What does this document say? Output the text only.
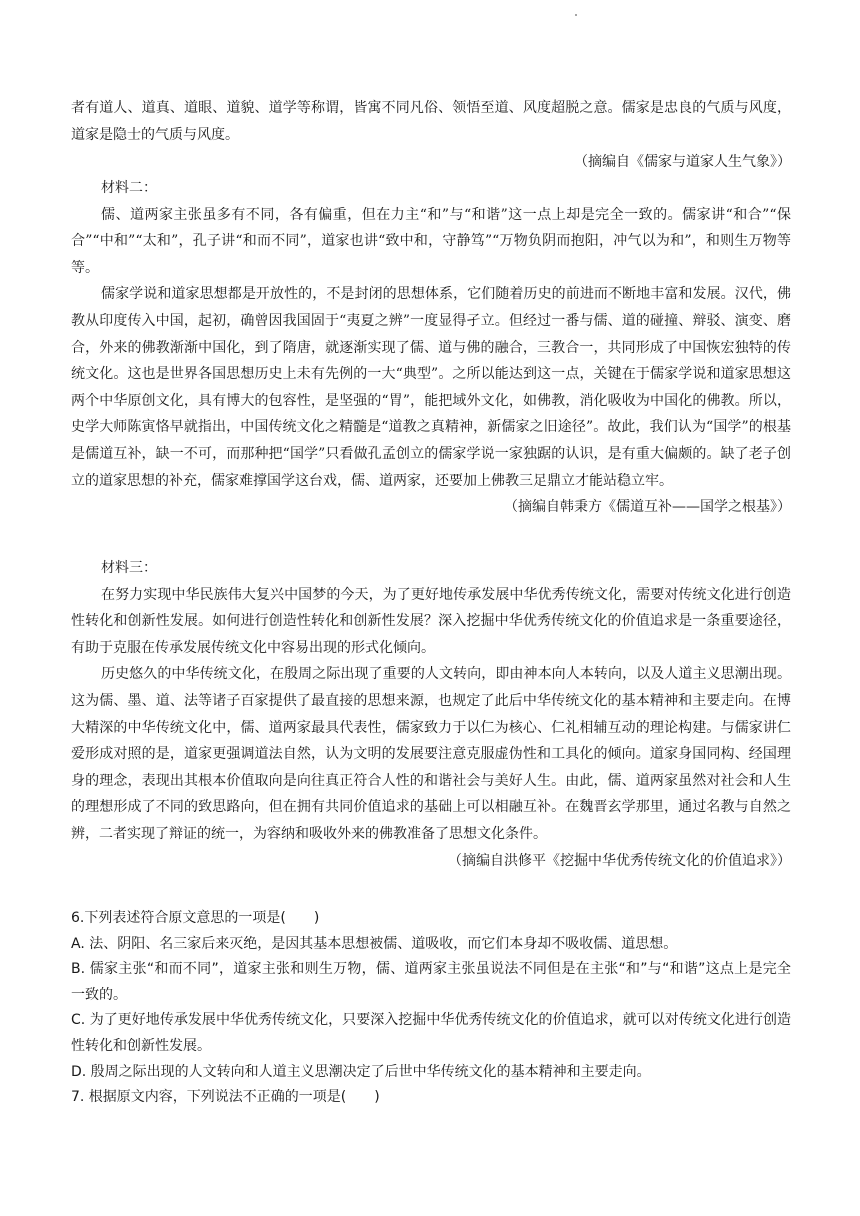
者有道人、道真、道眼、道貌、道学等称谓，皆寓不同凡俗、领悟至道、风度超脱之意。儒家是忠良的气质与风度，道家是隐士的气质与风度。

（摘编自《儒家与道家人生气象》）

材料二：

儒、道两家主张虽多有不同，各有偏重，但在力主“和”与“和谐”这一点上却是完全一致的。儒家讲“和合”“保合”“中和”“太和”，孔子讲“和而不同”，道家也讲“致中和，守静笃”“万物负阴而抱阳，冲气以为和”，和则生万物等等。

儒家学说和道家思想都是开放性的，不是封闭的思想体系，它们随着历史的前进而不断地丰富和发展。汉代，佛教从印度传入中国，起初，确曾因我国固于“夷夏之辨”一度显得孑立。但经过一番与儒、道的碰撞、辩驳、演变、磨合，外来的佛教渐渐中国化，到了隋唐，就逐渐实现了儒、道与佛的融合，三教合一，共同形成了中国恢宏独特的传统文化。这也是世界各国思想历史上未有先例的一大“典型”。之所以能达到这一点，关键在于儒家学说和道家思想这两个中华原创文化，具有博大的包容性，是坚强的“胃”，能把域外文化，如佛教，消化吸收为中国化的佛教。所以，史学大师陈寅恪早就指出，中国传统文化之精髓是“道教之真精神，新儒家之旧途径”。故此，我们认为“国学”的根基是儒道互补，缺一不可，而那种把“国学”只看做孔孟创立的儒家学说一家独踞的认识，是有重大偏颇的。缺了老子创立的道家思想的补充，儒家难撑国学这台戏，儒、道两家，还要加上佛教三足鼎立才能站稳立牢。

（摘编自韩秉方《儒道互补——国学之根基》）

材料三：

在努力实现中华民族伟大复兴中国梦的今天，为了更好地传承发展中华优秀传统文化，需要对传统文化进行创造性转化和创新性发展。如何进行创造性转化和创新性发展？深入挖掘中华优秀传统文化的价值追求是一条重要途径，有助于克服在传承发展传统文化中容易出现的形式化倾向。

历史悠久的中华传统文化，在殷周之际出现了重要的人文转向，即由神本向人本转向，以及人道主义思潮出现。这为儒、墨、道、法等诸子百家提供了最直接的思想来源，也规定了此后中华传统文化的基本精神和主要走向。在博大精深的中华传统文化中，儒、道两家最具代表性，儒家致力于以仁为核心、仁礼相辅互动的理论构建。与儒家讲仁爱形成对照的是，道家更强调道法自然，认为文明的发展要注意克服虚伪性和工具化的倾向。道家身国同构、经国理身的理念，表现出其根本价值取向是向往真正符合人性的和谐社会与美好人生。由此，儒、道两家虽然对社会和人生的理想形成了不同的致思路向，但在拥有共同价值追求的基础上可以相融互补。在魏晋玄学那里，通过名教与自然之辨，二者实现了辩证的统一，为容纳和吸收外来的佛教准备了思想文化条件。

（摘编自洪修平《挖掘中华优秀传统文化的价值追求》）

6.下列表述符合原文意思的一项是(　　)

A. 法、阴阳、名三家后来灭绝，是因其基本思想被儒、道吸收，而它们本身却不吸收儒、道思想。

B. 儒家主张“和而不同”，道家主张和则生万物，儒、道两家主张虽说法不同但是在主张“和”与“和谐”这点上是完全一致的。

C. 为了更好地传承发展中华优秀传统文化，只要深入挖掘中华优秀传统文化的价值追求，就可以对传统文化进行创造性转化和创新性发展。

D. 殷周之际出现的人文转向和人道主义思潮决定了后世中华传统文化的基本精神和主要走向。

7. 根据原文内容，下列说法不正确的一项是(　　)
